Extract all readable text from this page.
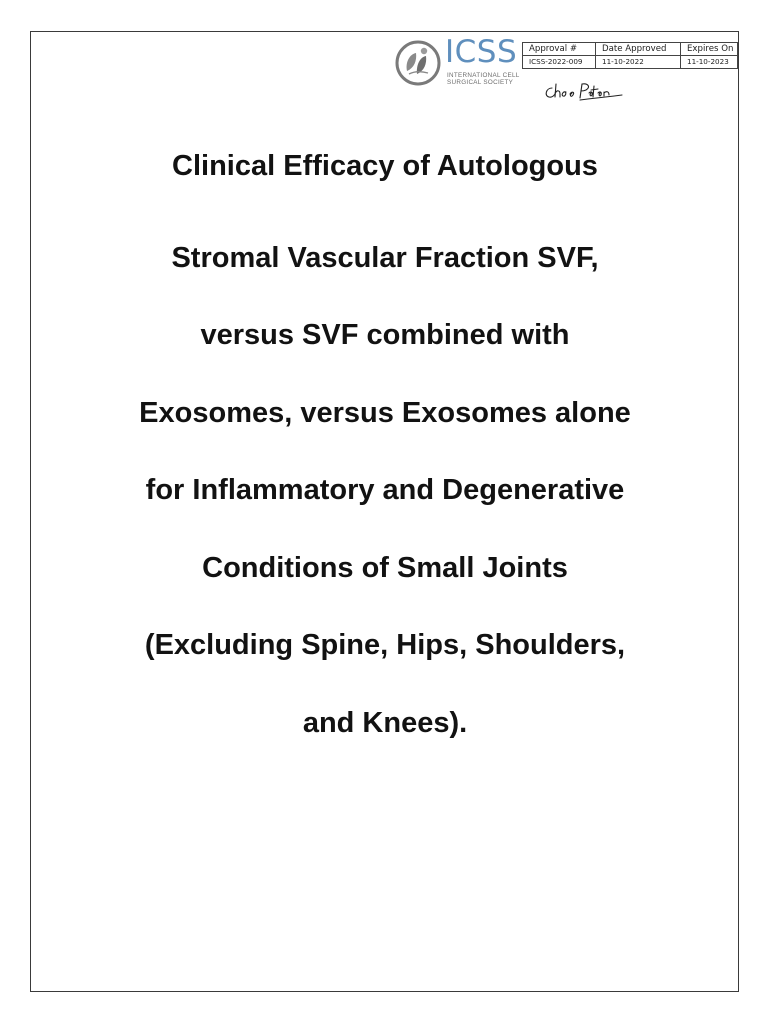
ICSS
INTERNATIONAL CELL
SURGICAL SOCIETY
Approval #	Date Approved	Expires On
ICSS-2022-009	11-10-2022	11-10-2023
Clinical Efficacy of Autologous
Stromal Vascular Fraction SVF,
versus SVF combined with
Exosomes, versus Exosomes alone
for Inflammatory and Degenerative
Conditions of Small Joints
(Excluding Spine, Hips, Shoulders,
and Knees).
